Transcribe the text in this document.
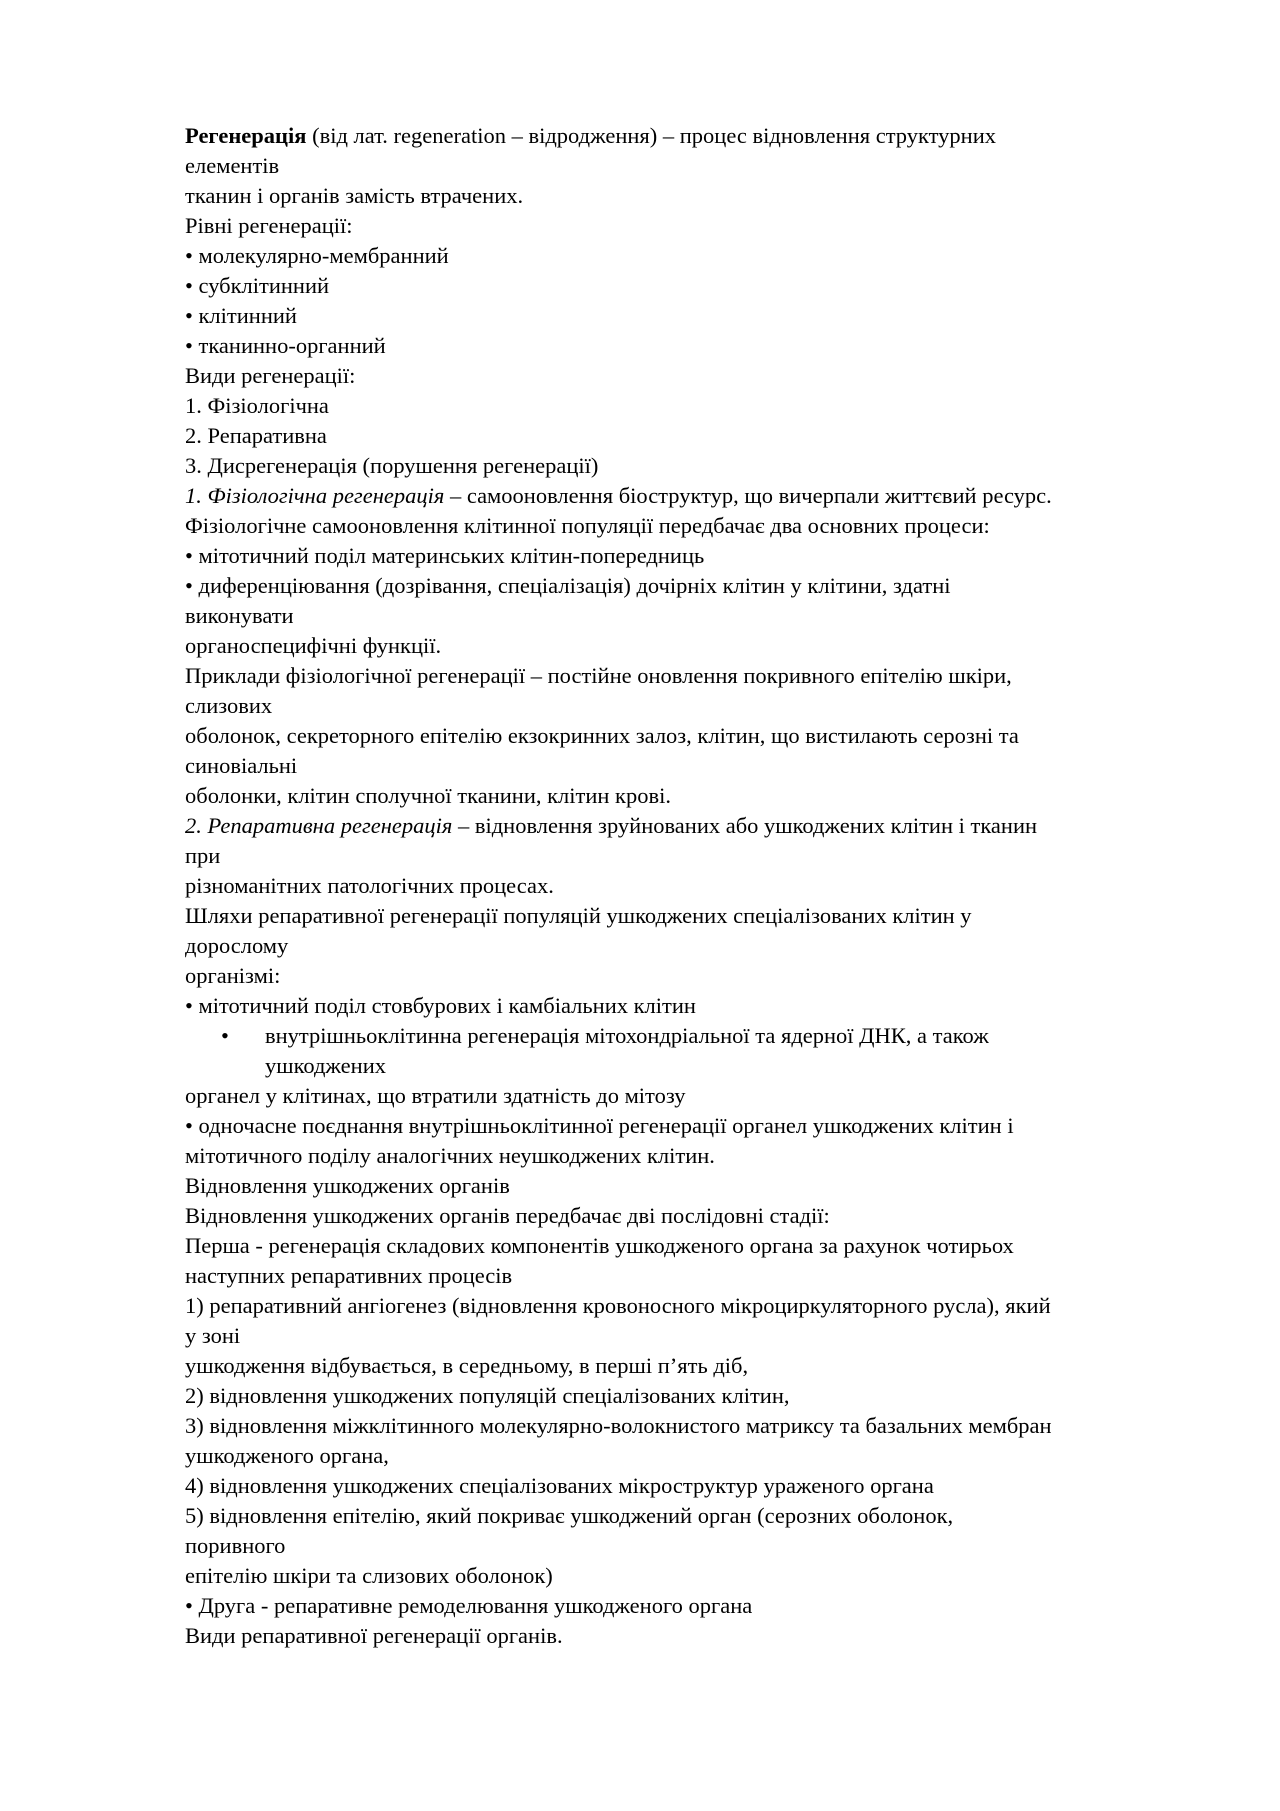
Регенерація (від лат. regeneration – відродження) – процес відновлення структурних
елементів
тканин і органів замість втрачених.
Рівні регенерації:
• молекулярно-мембранний
• субклітинний
• клітинний
• тканинно-органний
Види регенерації:
1. Фізіологічна
2. Репаративна
3. Дисрегенерація (порушення регенерації)
1. Фізіологічна регенерація – самооновлення біоструктур, що вичерпали життєвий ресурс.
Фізіологічне самооновлення клітинної популяції передбачає два основних процеси:
• мітотичний поділ материнських клітин-попередниць
• диференціювання (дозрівання, спеціалізація) дочірніх клітин у клітини, здатні
виконувати
органоспецифічні функції.
Приклади фізіологічної регенерації – постійне оновлення покривного епітелію шкіри,
слизових
оболонок, секреторного епітелію екзокринних залоз, клітин, що вистилають серозні та
синовіальні
оболонки, клітин сполучної тканини, клітин крові.
2. Репаративна регенерація – відновлення зруйнованих або ушкоджених клітин і тканин
при
різноманітних патологічних процесах.
Шляхи репаративної регенерації популяцій ушкоджених спеціалізованих клітин у
дорослому
організмі:
• мітотичний поділ стовбурових і камбіальних клітин
• внутрішньоклітинна регенерація мітохондріальної та ядерної ДНК, а також
ушкоджених
органел у клітинах, що втратили здатність до мітозу
• одночасне поєднання внутрішньоклітинної регенерації органел ушкоджених клітин і
мітотичного поділу аналогічних неушкоджених клітин.
Відновлення ушкоджених органів
Відновлення ушкоджених органів передбачає дві послідовні стадії:
Перша - регенерація складових компонентів ушкодженого органа за рахунок чотирьох
наступних репаративних процесів
1) репаративний ангіогенез (відновлення кровоносного мікроциркуляторного русла), який
у зоні
ушкодження відбувається, в середньому, в перші п’ять діб,
2) відновлення ушкоджених популяцій спеціалізованих клітин,
3) відновлення міжклітинного молекулярно-волокнистого матриксу та базальних мембран
ушкодженого органа,
4) відновлення ушкоджених спеціалізованих мікроструктур ураженого органа
5) відновлення епітелію, який покриває ушкоджений орган (серозних оболонок,
поривного
епітелію шкіри та слизових оболонок)
• Друга - репаративне ремоделювання ушкодженого органа
Види репаративної регенерації органів.
